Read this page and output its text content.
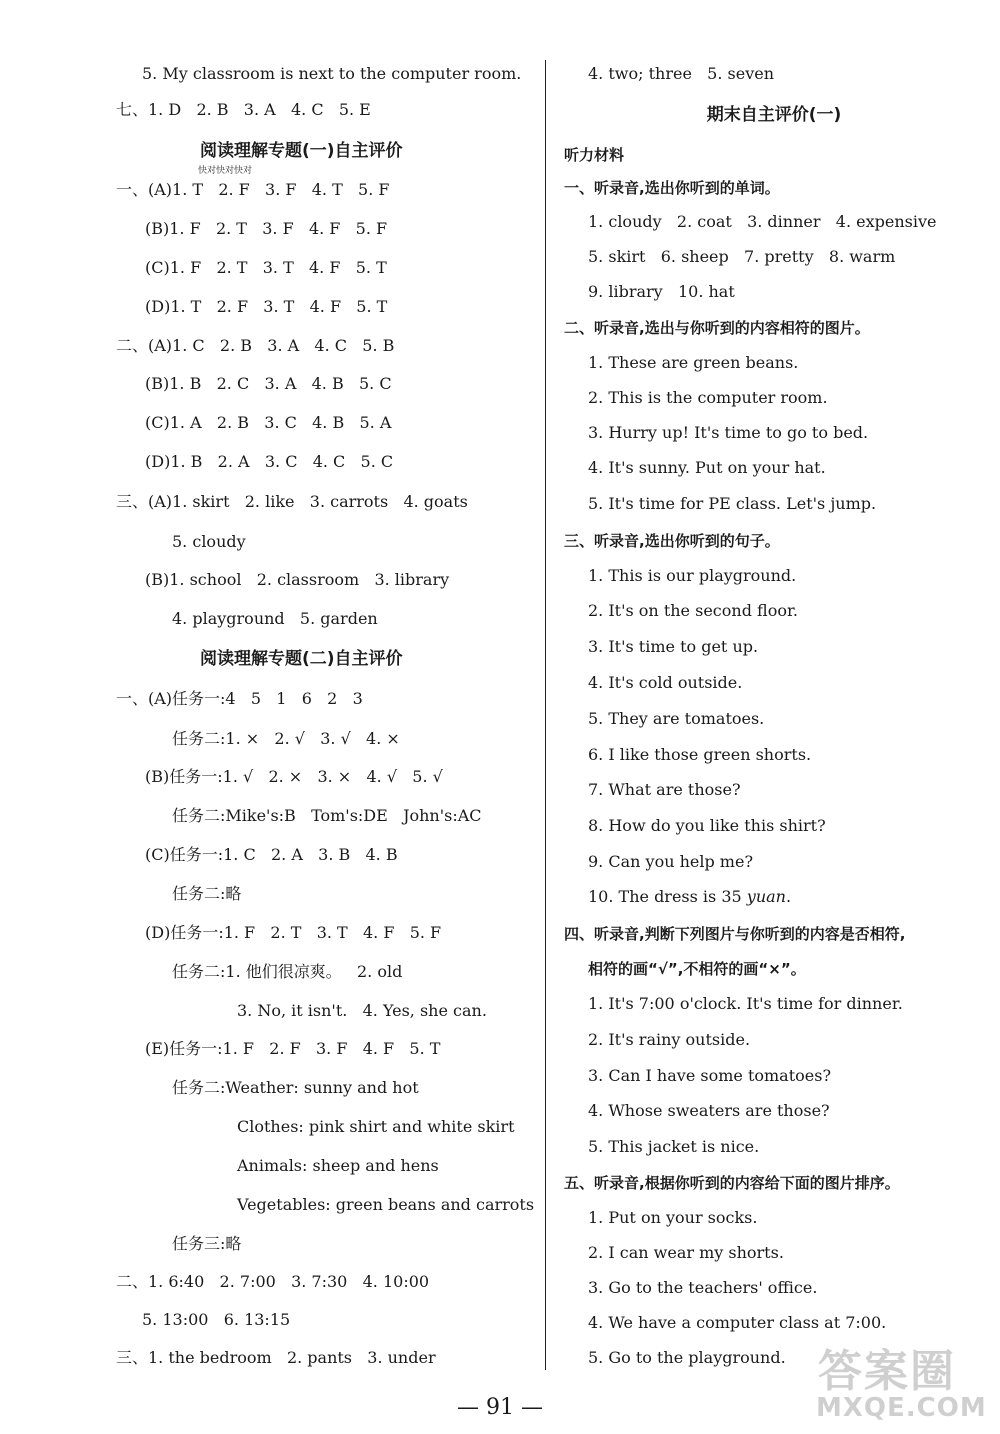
5. My classroom is next to the computer room.
七、1. D   2. B   3. A   4. C   5. E
阅读理解专题(一)自主评价
快对快对快对
一、(A)1. T   2. F   3. F   4. T   5. F
(B)1. F   2. T   3. F   4. F   5. F
(C)1. F   2. T   3. T   4. F   5. T
(D)1. T   2. F   3. T   4. F   5. T
二、(A)1. C   2. B   3. A   4. C   5. B
(B)1. B   2. C   3. A   4. B   5. C
(C)1. A   2. B   3. C   4. B   5. A
(D)1. B   2. A   3. C   4. C   5. C
三、(A)1. skirt   2. like   3. carrots   4. goats
5. cloudy
(B)1. school   2. classroom   3. library
4. playground   5. garden
阅读理解专题(二)自主评价
一、(A)任务一:4   5   1   6   2   3
任务二:1. ×   2. √   3. √   4. ×
(B)任务一:1. √   2. ×   3. ×   4. √   5. √
任务二:Mike's:B   Tom's:DE   John's:AC
(C)任务一:1. C   2. A   3. B   4. B
任务二:略
(D)任务一:1. F   2. T   3. T   4. F   5. F
任务二:1. 他们很凉爽。   2. old
3. No, it isn't.   4. Yes, she can.
(E)任务一:1. F   2. F   3. F   4. F   5. T
任务二:Weather: sunny and hot
Clothes: pink shirt and white skirt
Animals: sheep and hens
Vegetables: green beans and carrots
任务三:略
二、1. 6:40   2. 7:00   3. 7:30   4. 10:00
5. 13:00   6. 13:15
三、1. the bedroom   2. pants   3. under
4. two; three   5. seven
期末自主评价(一)
听力材料
一、听录音,选出你听到的单词。
1. cloudy   2. coat   3. dinner   4. expensive
5. skirt   6. sheep   7. pretty   8. warm
9. library   10. hat
二、听录音,选出与你听到的内容相符的图片。
1. These are green beans.
2. This is the computer room.
3. Hurry up! It's time to go to bed.
4. It's sunny. Put on your hat.
5. It's time for PE class. Let's jump.
三、听录音,选出你听到的句子。
1. This is our playground.
2. It's on the second floor.
3. It's time to get up.
4. It's cold outside.
5. They are tomatoes.
6. I like those green shorts.
7. What are those?
8. How do you like this shirt?
9. Can you help me?
10. The dress is 35 yuan.
四、听录音,判断下列图片与你听到的内容是否相符,
相符的画“√”,不相符的画“×”。
1. It's 7:00 o'clock. It's time for dinner.
2. It's rainy outside.
3. Can I have some tomatoes?
4. Whose sweaters are those?
5. This jacket is nice.
五、听录音,根据你听到的内容给下面的图片排序。
1. Put on your socks.
2. I can wear my shorts.
3. Go to the teachers' office.
4. We have a computer class at 7:00.
5. Go to the playground.
— 91 —
答案圈
MXQE.COM
